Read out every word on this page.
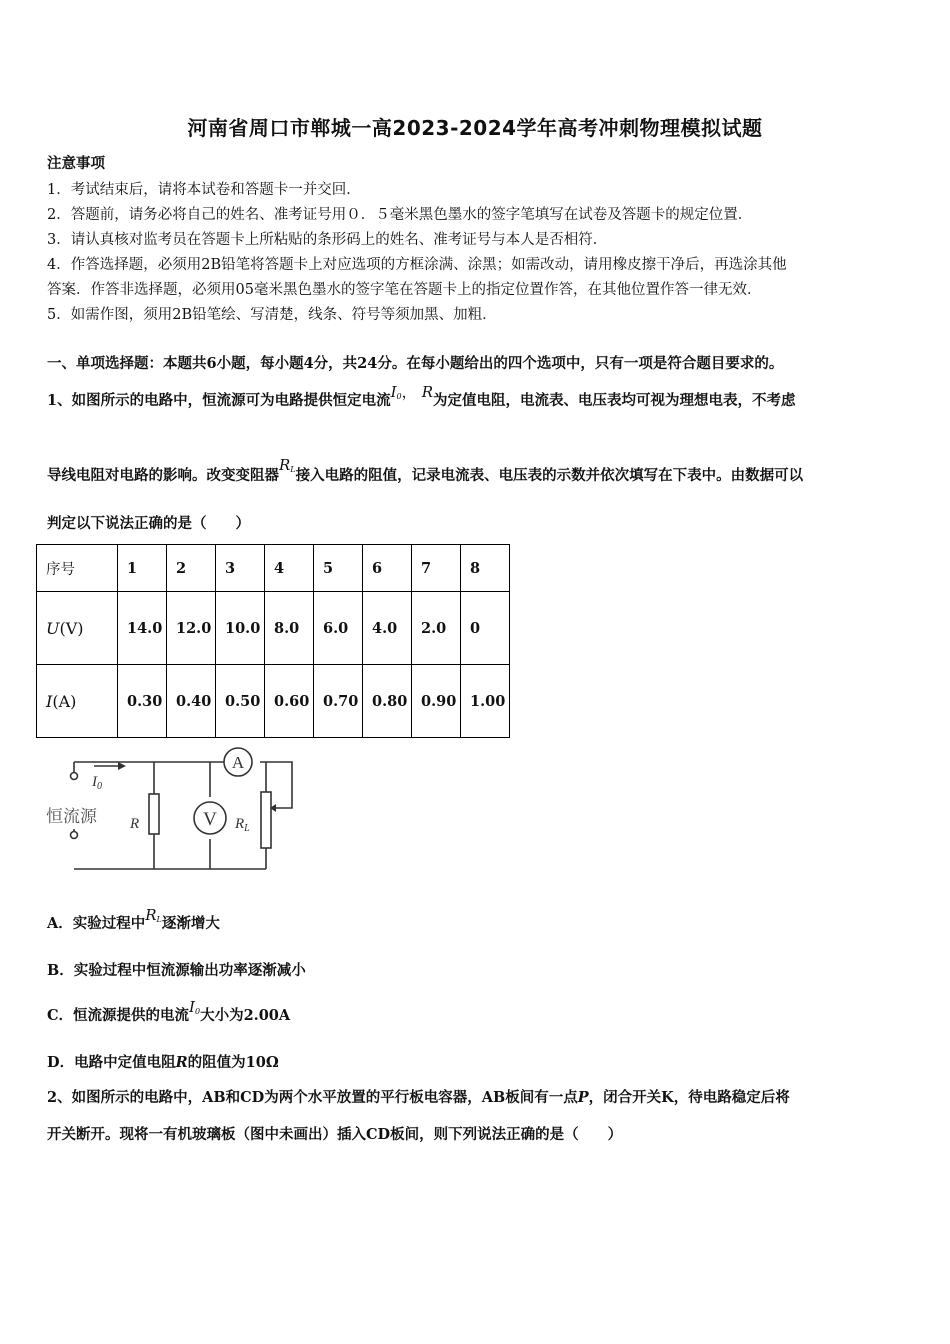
河南省周口市郸城一高2023-2024学年高考冲刺物理模拟试题
注意事项
1．考试结束后，请将本试卷和答题卡一并交回．
2．答题前，请务必将自己的姓名、准考证号用０．５毫米黑色墨水的签字笔填写在试卷及答题卡的规定位置．
3．请认真核对监考员在答题卡上所粘贴的条形码上的姓名、准考证号与本人是否相符．
4．作答选择题，必须用2B铅笔将答题卡上对应选项的方框涂满、涂黑；如需改动，请用橡皮擦干净后，再选涂其他
答案．作答非选择题，必须用05毫米黑色墨水的签字笔在答题卡上的指定位置作答，在其他位置作答一律无效．
5．如需作图，须用2B铅笔绘、写清楚，线条、符号等须加黑、加粗．
一、单项选择题：本题共6小题，每小题4分，共24分。在每小题给出的四个选项中，只有一项是符合题目要求的。
1、如图所示的电路中，恒流源可为电路提供恒定电流$I_0$， R为定值电阻，电流表、电压表均可视为理想电表，不考虑
导线电阻对电路的影响。改变变阻器$R_L$接入电路的阻值，记录电流表、电压表的示数并依次填写在下表中。由数据可以
判定以下说法正确的是（　　）
序号	1	2	3	4	5	6	7	8
U(V)	14.0	12.0	10.0	8.0	6.0	4.0	2.0	0
I(A)	0.30	0.40	0.50	0.60	0.70	0.80	0.90	1.00
A
V
$I_0$
恒流源 R	$R_L$
A．实验过程中$R_L$逐渐增大
B．实验过程中恒流源输出功率逐渐减小
C．恒流源提供的电流$I_0$大小为2.00A
D．电路中定值电阻R的阻值为10Ω
2、如图所示的电路中，AB和CD为两个水平放置的平行板电容器，AB板间有一点P，闭合开关K，待电路稳定后将
开关断开。现将一有机玻璃板（图中未画出）插入CD板间，则下列说法正确的是（　　）
